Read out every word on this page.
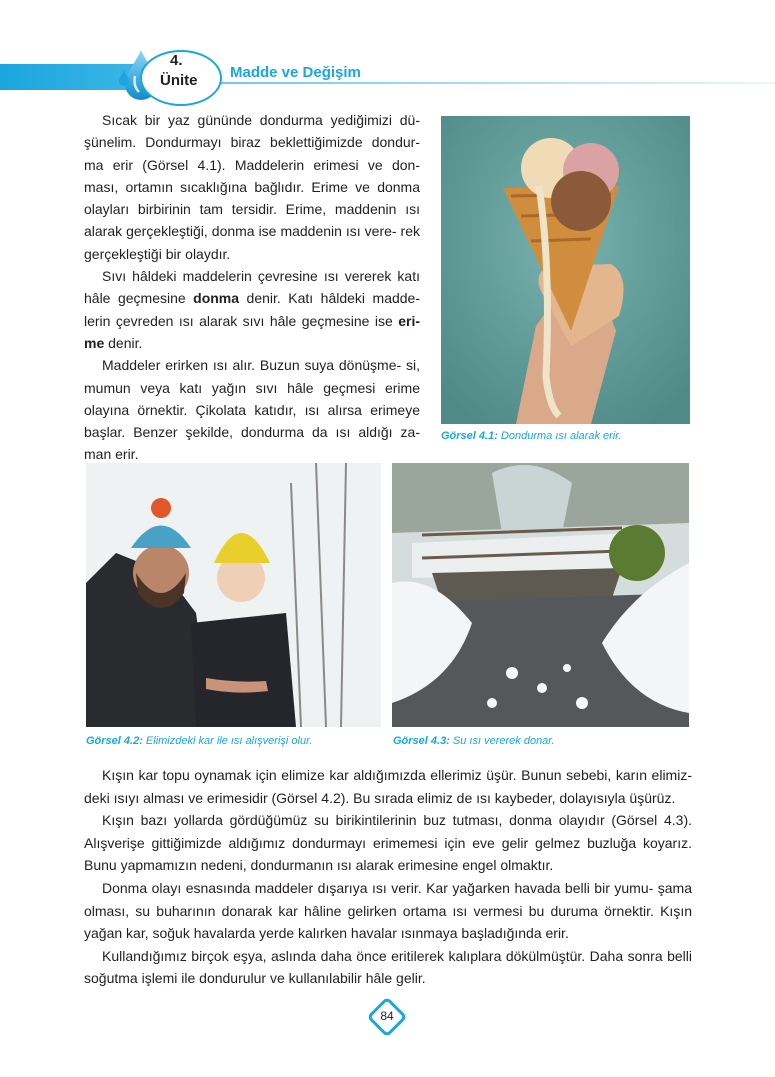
4.
Ünite Madde ve Değişim

Sıcak bir yaz gününde dondurma yediğimizi dü- şünelim. Dondurmayı biraz beklettiğimizde dondur- ma erir (Görsel 4.1). Maddelerin erimesi ve don- ması, ortamın sıcaklığına bağlıdır. Erime ve donma olayları birbirinin tam tersidir. Erime, maddenin ısı alarak gerçekleştiği, donma ise maddenin ısı vere- rek gerçekleştiği bir olaydır.

Sıvı hâldeki maddelerin çevresine ısı vererek katı hâle geçmesine donma denir. Katı hâldeki madde- lerin çevreden ısı alarak sıvı hâle geçmesine ise eri- me denir.

Maddeler erirken ısı alır. Buzun suya dönüşme- si, mumun veya katı yağın sıvı hâle geçmesi erime olayına örnektir. Çikolata katıdır, ısı alırsa erimeye başlar. Benzer şekilde, dondurma da ısı aldığı za- man erir.

Görsel 4.1: Dondurma ısı alarak erir.
Görsel 4.2: Elimizdeki kar ile ısı alışverişi olur.	Görsel 4.3: Su ısı vererek donar.

Kışın kar topu oynamak için elimize kar aldığımızda ellerimiz üşür. Bunun sebebi, karın elimiz- deki ısıyı alması ve erimesidir (Görsel 4.2). Bu sırada elimiz de ısı kaybeder, dolayısıyla üşürüz.

Kışın bazı yollarda gördüğümüz su birikintilerinin buz tutması, donma olayıdır (Görsel 4.3). Alışverişe gittiğimizde aldığımız dondurmayı erimemesi için eve gelir gelmez buzluğa koyarız. Bunu yapmamızın nedeni, dondurmanın ısı alarak erimesine engel olmaktır.

Donma olayı esnasında maddeler dışarıya ısı verir. Kar yağarken havada belli bir yumu- şama olması, su buharının donarak kar hâline gelirken ortama ısı vermesi bu duruma örnektir. Kışın yağan kar, soğuk havalarda yerde kalırken havalar ısınmaya başladığında erir.

Kullandığımız birçok eşya, aslında daha önce eritilerek kalıplara dökülmüştür. Daha sonra belli soğutma işlemi ile dondurulur ve kullanılabilir hâle gelir.

84
